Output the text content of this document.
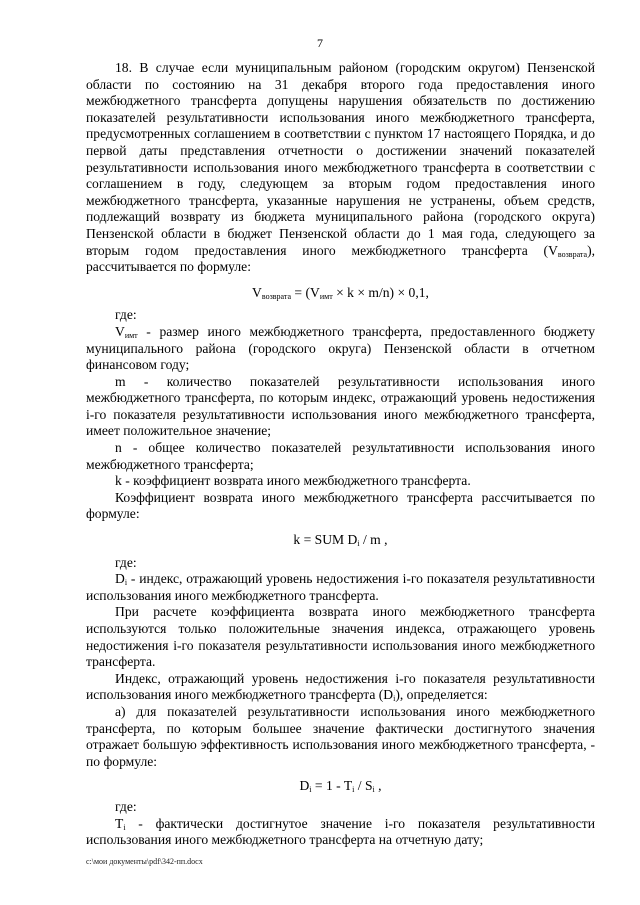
7

18. В случае если муниципальным районом (городским округом) Пензенской области по состоянию на 31 декабря второго года предоставления иного межбюджетного трансферта допущены нарушения обязательств по достижению показателей результативности использования иного межбюджетного трансферта, предусмотренных соглашением в соответствии с пунктом 17 настоящего Порядка, и до первой даты представления отчетности о достижении значений показателей результативности использования иного межбюджетного трансферта в соответствии с соглашением в году, следующем за вторым годом предоставления иного межбюджетного трансферта, указанные нарушения не устранены, объем средств, подлежащий возврату из бюджета муниципального района (городского округа) Пензенской области в бюджет Пензенской области до 1 мая года, следующего за вторым годом предоставления иного межбюджетного трансферта $(V_{возврата})$, рассчитывается по формуле:

$V_{возврата} = (V_{имт} \times k \times m/n) \times 0,1$,

где:

$V_{имт}$ - размер иного межбюджетного трансферта, предоставленного бюджету муниципального района (городского округа) Пензенской области в отчетном финансовом году;

m - количество показателей результативности использования иного межбюджетного трансферта, по которым индекс, отражающий уровень недостижения i-го показателя результативности использования иного межбюджетного трансферта, имеет положительное значение;

n - общее количество показателей результативности использования иного межбюджетного трансферта;

k - коэффициент возврата иного межбюджетного трансферта.

Коэффициент возврата иного межбюджетного трансферта рассчитывается по формуле:

k = SUM $D_i$ / m ,

где:

$D_i$ - индекс, отражающий уровень недостижения i-го показателя результативности использования иного межбюджетного трансферта.

При расчете коэффициента возврата иного межбюджетного трансферта используются только положительные значения индекса, отражающего уровень недостижения i-го показателя результативности использования иного межбюджетного трансферта.

Индекс, отражающий уровень недостижения i-го показателя результативности использования иного межбюджетного трансферта $(D_i)$, определяется:

а) для показателей результативности использования иного межбюджетного трансферта, по которым большее значение фактически достигнутого значения отражает большую эффективность использования иного межбюджетного трансферта, - по формуле:

$D_i = 1 - T_i / S_i$ ,

где:

$T_i$ - фактически достигнутое значение i-го показателя результативности использования иного межбюджетного трансферта на отчетную дату;

c:\мои документы\pdf\342-пп.docx
